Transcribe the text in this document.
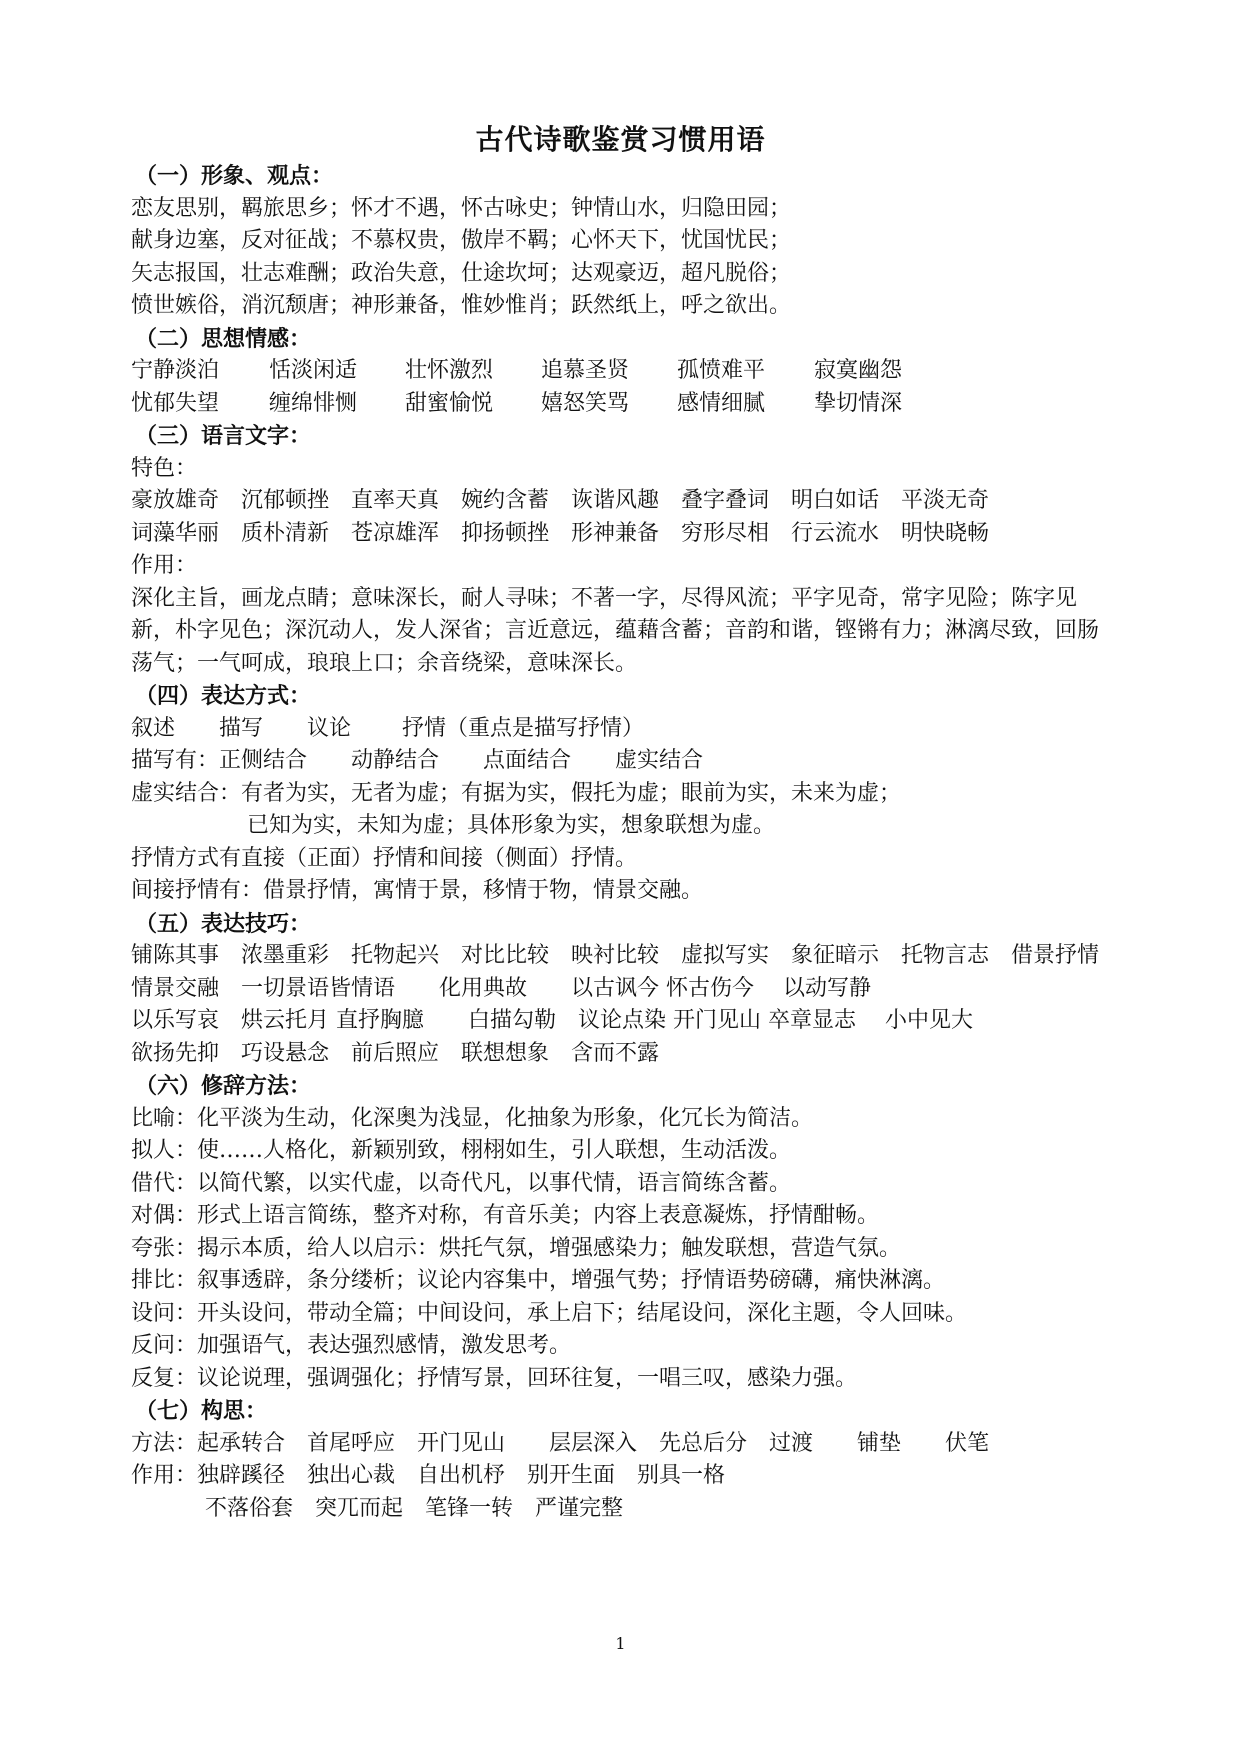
古代诗歌鉴赏习惯用语
（一）形象、观点：
恋友思别，羁旅思乡；怀才不遇，怀古咏史；钟情山水，归隐田园；
献身边塞，反对征战；不慕权贵，傲岸不羁；心怀天下，忧国忧民；
矢志报国，壮志难酬；政治失意，仕途坎坷；达观豪迈，超凡脱俗；
愤世嫉俗，消沉颓唐；神形兼备，惟妙惟肖；跃然纸上，呼之欲出。
（二）思想情感：
宁静淡泊 恬淡闲适 壮怀激烈 追慕圣贤 孤愤难平 寂寞幽怨
忧郁失望 缠绵悱恻 甜蜜愉悦 嬉怒笑骂 感情细腻 挚切情深
（三）语言文字：
特色：
豪放雄奇　沉郁顿挫　直率天真　婉约含蓄　诙谐风趣　叠字叠词　明白如话　平淡无奇
词藻华丽　质朴清新　苍凉雄浑　抑扬顿挫　形神兼备　穷形尽相　行云流水　明快晓畅
作用：
深化主旨，画龙点睛；意味深长，耐人寻味；不著一字，尽得风流；平字见奇，常字见险；陈字见新，朴字见色；深沉动人，发人深省；言近意远，蕴藉含蓄；音韵和谐，铿锵有力；淋漓尽致，回肠荡气；一气呵成，琅琅上口；余音绕梁，意味深长。
（四）表达方式：
叙述　　描写　　议论　　 抒情（重点是描写抒情）
描写有：正侧结合　　动静结合　　点面结合　　虚实结合
虚实结合：有者为实，无者为虚；有据为实，假托为虚；眼前为实，未来为虚；
已知为实，未知为虚；具体形象为实，想象联想为虚。
抒情方式有直接（正面）抒情和间接（侧面）抒情。
间接抒情有：借景抒情，寓情于景，移情于物，情景交融。
（五）表达技巧：
铺陈其事　浓墨重彩　托物起兴　对比比较　映衬比较　虚拟写实　象征暗示　托物言志　借景抒情　情景交融　一切景语皆情语　　化用典故　　以古讽今 怀古伤今　 以动写静
以乐写哀　烘云托月 直抒胸臆　　白描勾勒　议论点染 开门见山 卒章显志　 小中见大
欲扬先抑　巧设悬念　前后照应　联想想象　含而不露
（六）修辞方法：
比喻：化平淡为生动，化深奥为浅显，化抽象为形象，化冗长为简洁。
拟人：使……人格化，新颖别致，栩栩如生，引人联想，生动活泼。
借代：以简代繁，以实代虚，以奇代凡，以事代情，语言简练含蓄。
对偶：形式上语言简练，整齐对称，有音乐美；内容上表意凝炼，抒情酣畅。
夸张：揭示本质，给人以启示：烘托气氛，增强感染力；触发联想，营造气氛。
排比：叙事透辟，条分缕析；议论内容集中，增强气势；抒情语势磅礴，痛快淋漓。
设问：开头设问，带动全篇；中间设问，承上启下；结尾设问，深化主题，令人回味。
反问：加强语气，表达强烈感情，激发思考。
反复：议论说理，强调强化；抒情写景，回环往复，一唱三叹，感染力强。
（七）构思：
方法：起承转合　首尾呼应　开门见山　　层层深入　先总后分　过渡　　铺垫　　伏笔
作用：独辟蹊径　独出心裁　自出机杼　别开生面　别具一格
不落俗套　突兀而起　笔锋一转　严谨完整
1
